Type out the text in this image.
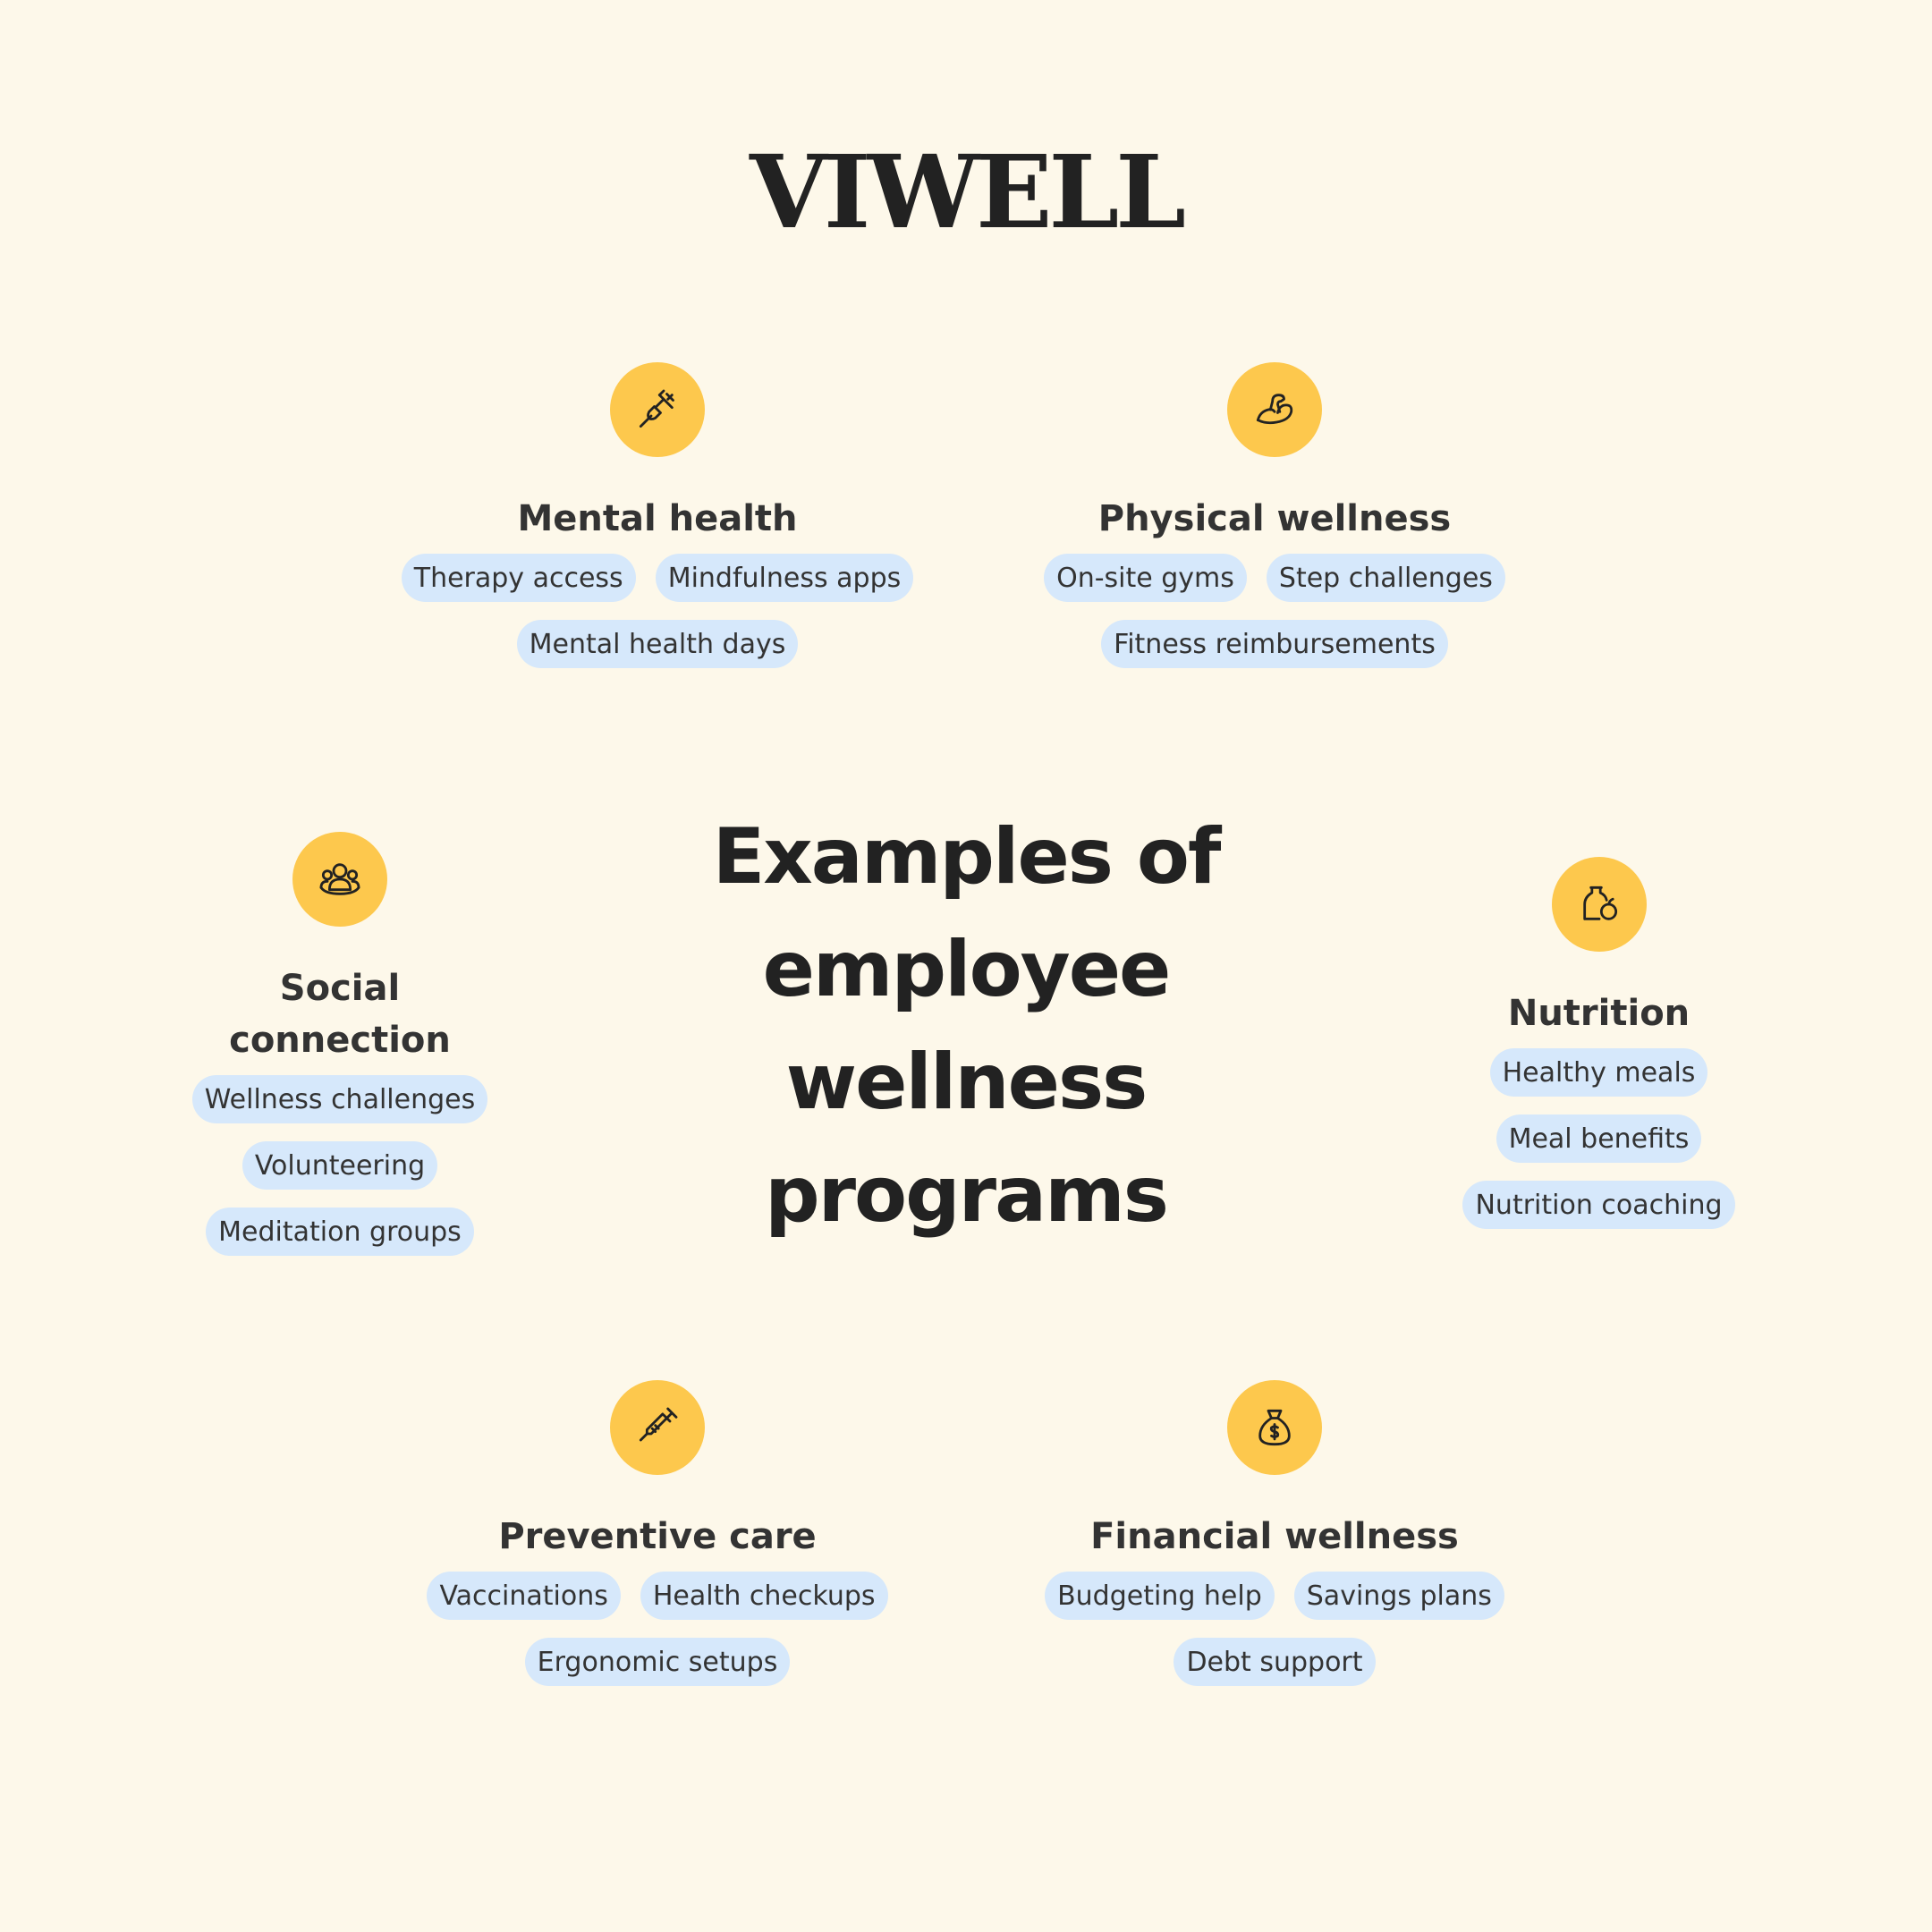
VIWELL
Examples of
employee
wellness
programs
Mental health
Therapy access	Mindfulness apps
Mental health days
Physical wellness
On-site gyms	Step challenges
Fitness reimbursements
Social
connection
Wellness challenges
Volunteering
Meditation groups
Nutrition
Healthy meals
Meal benefits
Nutrition coaching
Preventive care
Vaccinations	Health checkups
Ergonomic setups
Financial wellness
Budgeting help	Savings plans
Debt support
